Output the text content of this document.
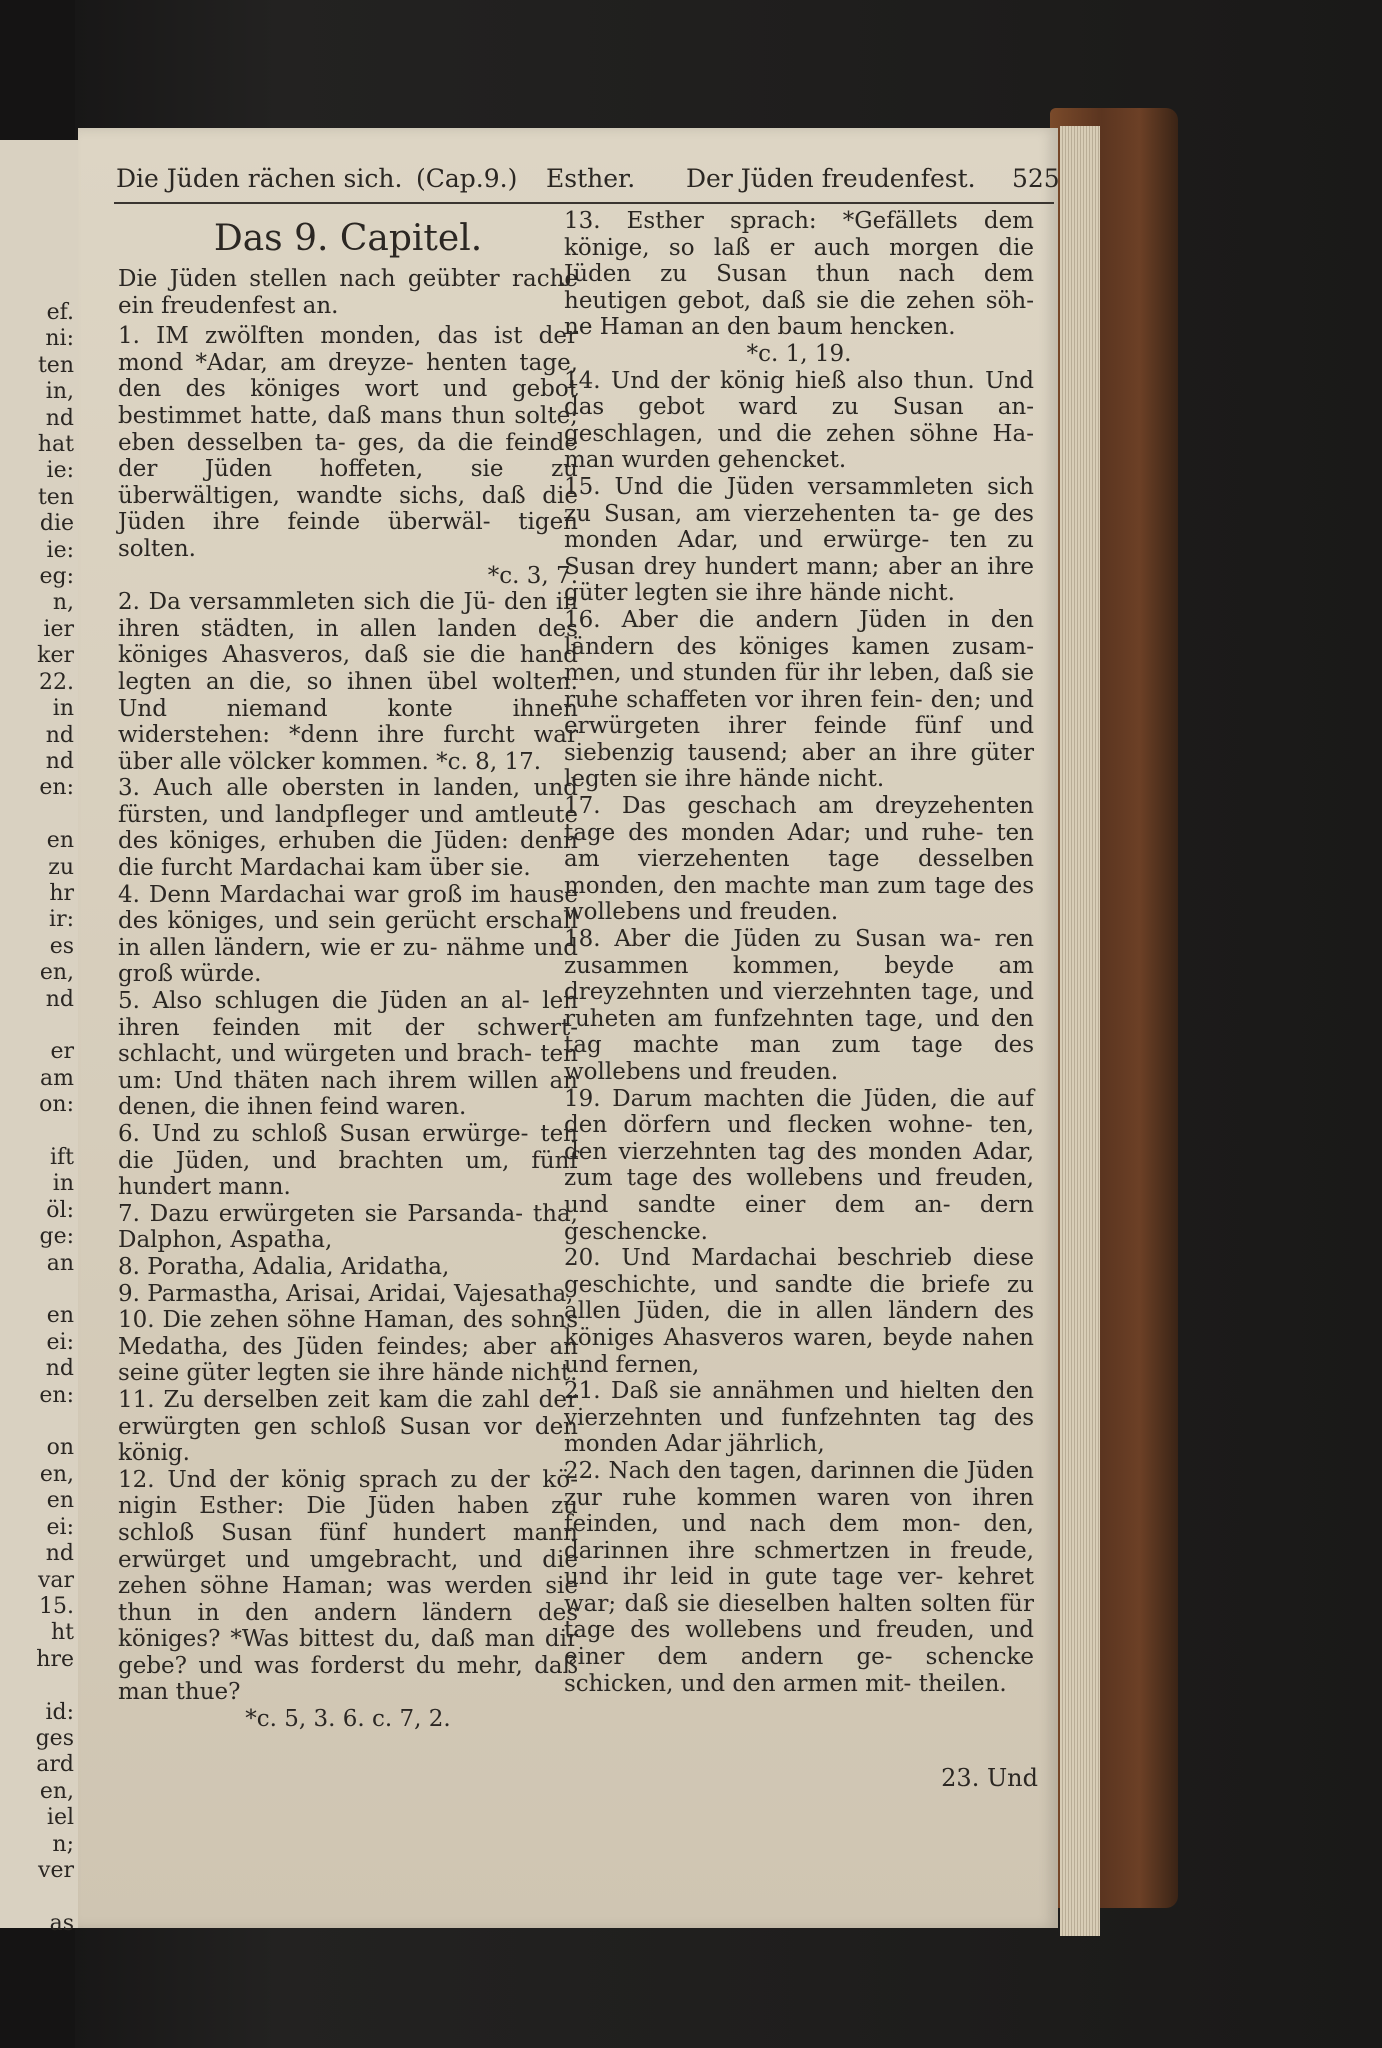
ef.
ni:
ten
in,
nd
hat
ie:
ten
die
ie:
eg:
n,
ier
ker
22.
in
nd
nd
en:

en
zu
hr
ir:
es
en,
nd

er
am
on:

ift
in
öl:
ge:
an

en
ei:
nd
en:

on
en,
en
ei:
nd
var
15.
ht
hre

id:
ges
ard
en,
iel
n;
ver

as
Die Jüden rächen sich. (Cap.9.) Esther. Der Jüden freudenfest. 525
Das 9. Capitel.

Die Jüden stellen nach geübter rache ein freudenfest an.

1. IM zwölften monden, das ist der mond *Adar, am dreyze- henten tage, den des königes wort und gebot bestimmet hatte, daß mans thun solte; eben desselben ta- ges, da die feinde der Jüden hoffeten, sie zu überwältigen, wandte sichs, daß die Jüden ihre feinde überwäl- tigen solten.

*c. 3, 7.

2. Da versammleten sich die Jü- den in ihren städten, in allen landen des königes Ahasveros, daß sie die hand legten an die, so ihnen übel wolten. Und niemand konte ihnen widerstehen: *denn ihre furcht war über alle völcker kommen. *c. 8, 17.

3. Auch alle obersten in landen, und fürsten, und landpfleger und amtleute des königes, erhuben die Jüden: denn die furcht Mardachai kam über sie.

4. Denn Mardachai war groß im hause des königes, und sein gerücht erschall in allen ländern, wie er zu- nähme und groß würde.

5. Also schlugen die Jüden an al- len ihren feinden mit der schwert- schlacht, und würgeten und brach- ten um: Und thäten nach ihrem willen an denen, die ihnen feind waren.

6. Und zu schloß Susan erwürge- ten die Jüden, und brachten um, fünf hundert mann.

7. Dazu erwürgeten sie Parsanda- tha, Dalphon, Aspatha,

8. Poratha, Adalia, Aridatha,

9. Parmastha, Arisai, Aridai, Vajesatha,

10. Die zehen söhne Haman, des sohns Medatha, des Jüden feindes; aber an seine güter legten sie ihre hände nicht.

11. Zu derselben zeit kam die zahl der erwürgten gen schloß Susan vor den könig.

12. Und der könig sprach zu der kö- nigin Esther: Die Jüden haben zu schloß Susan fünf hundert mann erwürget und umgebracht, und die zehen söhne Haman; was werden sie thun in den andern ländern des königes? *Was bittest du, daß man dir gebe? und was forderst du mehr, daß man thue?

*c. 5, 3. 6. c. 7, 2.

13. Esther sprach: *Gefällets dem könige, so laß er auch morgen die Jüden zu Susan thun nach dem heutigen gebot, daß sie die zehen söh- ne Haman an den baum hencken.

*c. 1, 19.

14. Und der könig hieß also thun. Und das gebot ward zu Susan an- geschlagen, und die zehen söhne Ha- man wurden gehencket.

15. Und die Jüden versammleten sich zu Susan, am vierzehenten ta- ge des monden Adar, und erwürge- ten zu Susan drey hundert mann; aber an ihre güter legten sie ihre hände nicht.

16. Aber die andern Jüden in den ländern des königes kamen zusam- men, und stunden für ihr leben, daß sie ruhe schaffeten vor ihren fein- den; und erwürgeten ihrer feinde fünf und siebenzig tausend; aber an ihre güter legten sie ihre hände nicht.

17. Das geschach am dreyzehenten tage des monden Adar; und ruhe- ten am vierzehenten tage desselben monden, den machte man zum tage des wollebens und freuden.

18. Aber die Jüden zu Susan wa- ren zusammen kommen, beyde am dreyzehnten und vierzehnten tage, und ruheten am funfzehnten tage, und den tag machte man zum tage des wollebens und freuden.

19. Darum machten die Jüden, die auf den dörfern und flecken wohne- ten, den vierzehnten tag des monden Adar, zum tage des wollebens und freuden, und sandte einer dem an- dern geschencke.

20. Und Mardachai beschrieb diese geschichte, und sandte die briefe zu allen Jüden, die in allen ländern des königes Ahasveros waren, beyde nahen und fernen,

21. Daß sie annähmen und hielten den vierzehnten und funfzehnten tag des monden Adar jährlich,

22. Nach den tagen, darinnen die Jüden zur ruhe kommen waren von ihren feinden, und nach dem mon- den, darinnen ihre schmertzen in freude, und ihr leid in gute tage ver- kehret war; daß sie dieselben halten solten für tage des wollebens und freuden, und einer dem andern ge- schencke schicken, und den armen mit- theilen.

23. Und
